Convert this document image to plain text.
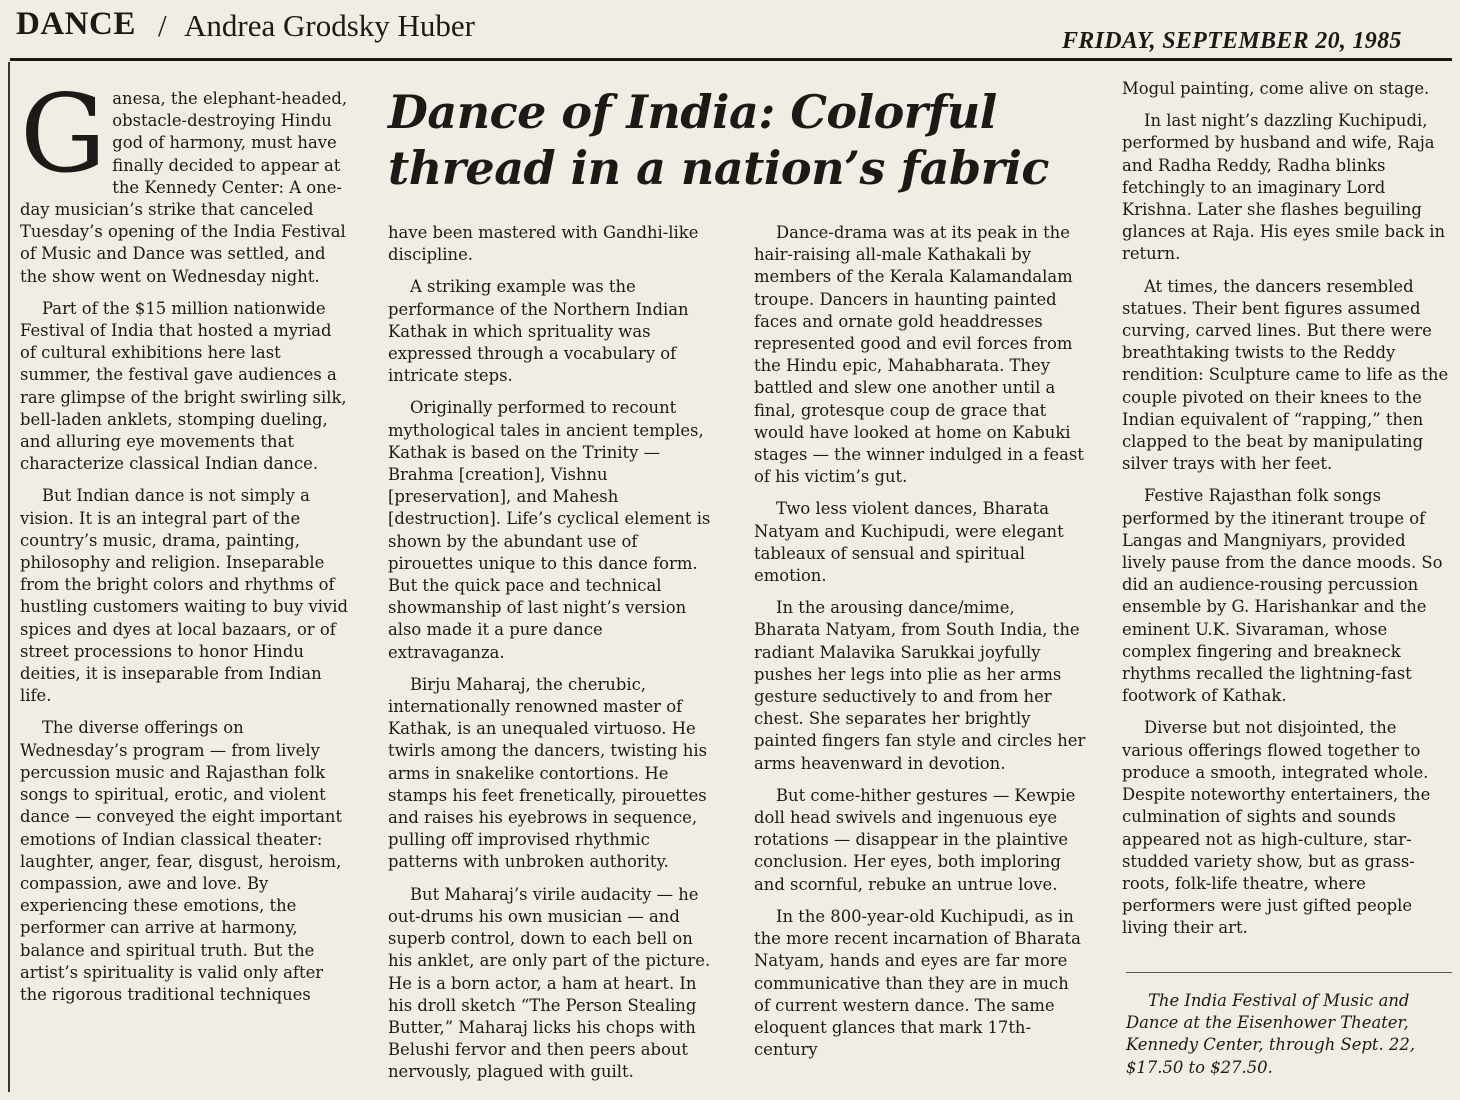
DANCE / Andrea Grodsky Huber	FRIDAY, SEPTEMBER 20, 1985
Dance of India: Colorful
thread in a nation’s fabric

Ganesa, the elephant-headed, obstacle-destroying Hindu god of harmony, must have finally decided to appear at the Kennedy Center: A one-day musician’s strike that canceled Tuesday’s opening of the India Festival of Music and Dance was settled, and the show went on Wednesday night.

Part of the $15 million nationwide Festival of India that hosted a myriad of cultural exhibitions here last summer, the festival gave audiences a rare glimpse of the bright swirling silk, bell-laden anklets, stomping dueling, and alluring eye movements that characterize classical Indian dance.

But Indian dance is not simply a vision. It is an integral part of the country’s music, drama, painting, philosophy and religion. Inseparable from the bright colors and rhythms of hustling customers waiting to buy vivid spices and dyes at local bazaars, or of street processions to honor Hindu deities, it is inseparable from Indian life.

The diverse offerings on Wednesday’s program — from lively percussion music and Rajasthan folk songs to spiritual, erotic, and violent dance — conveyed the eight important emotions of Indian classical theater: laughter, anger, fear, disgust, heroism, compassion, awe and love. By experiencing these emotions, the performer can arrive at harmony, balance and spiritual truth. But the artist’s spirituality is valid only after the rigorous traditional techniques

have been mastered with Gandhi-like discipline.

A striking example was the performance of the Northern Indian Kathak in which sprituality was expressed through a vocabulary of intricate steps.

Originally performed to recount mythological tales in ancient temples, Kathak is based on the Trinity — Brahma [creation], Vishnu [preservation], and Mahesh [destruction]. Life’s cyclical element is shown by the abundant use of pirouettes unique to this dance form. But the quick pace and technical showmanship of last night’s version also made it a pure dance extravaganza.

Birju Maharaj, the cherubic, internationally renowned master of Kathak, is an unequaled virtuoso. He twirls among the dancers, twisting his arms in snakelike contortions. He stamps his feet frenetically, pirouettes and raises his eyebrows in sequence, pulling off improvised rhythmic patterns with unbroken authority.

But Maharaj’s virile audacity — he out-drums his own musician — and superb control, down to each bell on his anklet, are only part of the picture. He is a born actor, a ham at heart. In his droll sketch “The Person Stealing Butter,” Maharaj licks his chops with Belushi fervor and then peers about nervously, plagued with guilt.

Dance-drama was at its peak in the hair-raising all-male Kathakali by members of the Kerala Kalamandalam troupe. Dancers in haunting painted faces and ornate gold headdresses represented good and evil forces from the Hindu epic, Mahabharata. They battled and slew one another until a final, grotesque coup de grace that would have looked at home on Kabuki stages — the winner indulged in a feast of his victim’s gut.

Two less violent dances, Bharata Natyam and Kuchipudi, were elegant tableaux of sensual and spiritual emotion.

In the arousing dance/mime, Bharata Natyam, from South India, the radiant Malavika Sarukkai joyfully pushes her legs into plie as her arms gesture seductively to and from her chest. She separates her brightly painted fingers fan style and circles her arms heavenward in devotion.

But come-hither gestures — Kewpie doll head swivels and ingenuous eye rotations — disappear in the plaintive conclusion. Her eyes, both imploring and scornful, rebuke an untrue love.

In the 800-year-old Kuchipudi, as in the more recent incarnation of Bharata Natyam, hands and eyes are far more communicative than they are in much of current western dance. The same eloquent glances that mark 17th-century

Mogul painting, come alive on stage.

In last night’s dazzling Kuchipudi, performed by husband and wife, Raja and Radha Reddy, Radha blinks fetchingly to an imaginary Lord Krishna. Later she flashes beguiling glances at Raja. His eyes smile back in return.

At times, the dancers resembled statues. Their bent figures assumed curving, carved lines. But there were breathtaking twists to the Reddy rendition: Sculpture came to life as the couple pivoted on their knees to the Indian equivalent of “rapping,” then clapped to the beat by manipulating silver trays with her feet.

Festive Rajasthan folk songs performed by the itinerant troupe of Langas and Mangniyars, provided lively pause from the dance moods. So did an audience-rousing percussion ensemble by G. Harishankar and the eminent U.K. Sivaraman, whose complex fingering and breakneck rhythms recalled the lightning-fast footwork of Kathak.

Diverse but not disjointed, the various offerings flowed together to produce a smooth, integrated whole. Despite noteworthy entertainers, the culmination of sights and sounds appeared not as high-culture, star-studded variety show, but as grass-roots, folk-life theatre, where performers were just gifted people living their art.

The India Festival of Music and
Dance at the Eisenhower Theater,
Kennedy Center, through Sept. 22,
$17.50 to $27.50.
